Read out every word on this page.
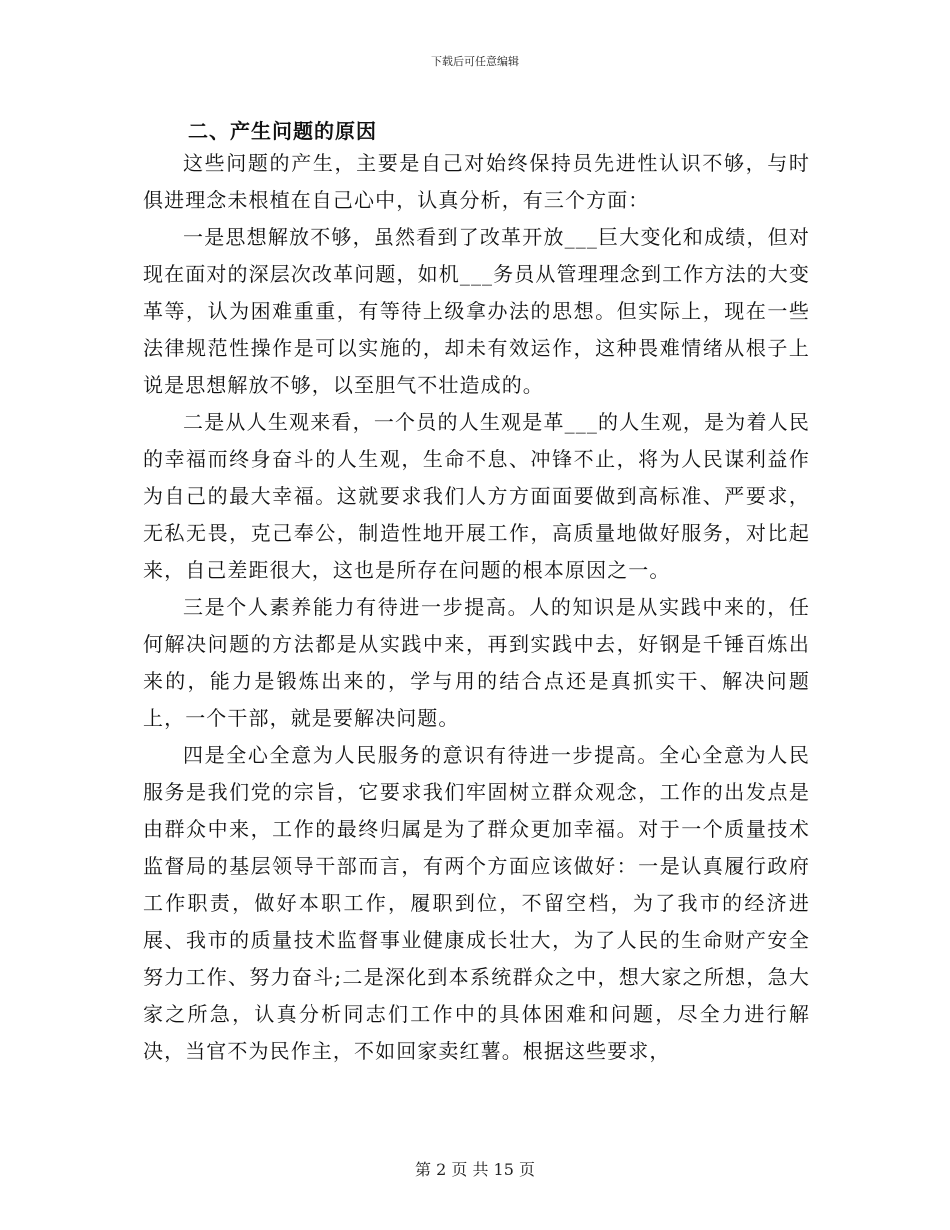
下载后可任意编辑
二、产生问题的原因

这些问题的产生，主要是自己对始终保持员先进性认识不够，与时俱进理念未根植在自己心中，认真分析，有三个方面：

一是思想解放不够，虽然看到了改革开放___巨大变化和成绩，但对现在面对的深层次改革问题，如机___务员从管理理念到工作方法的大变革等，认为困难重重，有等待上级拿办法的思想。但实际上，现在一些法律规范性操作是可以实施的，却未有效运作，这种畏难情绪从根子上说是思想解放不够，以至胆气不壮造成的。

二是从人生观来看，一个员的人生观是革___的人生观，是为着人民的幸福而终身奋斗的人生观，生命不息、冲锋不止，将为人民谋利益作为自己的最大幸福。这就要求我们人方方面面要做到高标准、严要求，无私无畏，克己奉公，制造性地开展工作，高质量地做好服务，对比起来，自己差距很大，这也是所存在问题的根本原因之一。

三是个人素养能力有待进一步提高。人的知识是从实践中来的，任何解决问题的方法都是从实践中来，再到实践中去，好钢是千锤百炼出来的，能力是锻炼出来的，学与用的结合点还是真抓实干、解决问题上，一个干部，就是要解决问题。

四是全心全意为人民服务的意识有待进一步提高。全心全意为人民服务是我们党的宗旨，它要求我们牢固树立群众观念，工作的出发点是由群众中来，工作的最终归属是为了群众更加幸福。对于一个质量技术监督局的基层领导干部而言，有两个方面应该做好：一是认真履行政府工作职责，做好本职工作，履职到位，不留空档，为了我市的经济进展、我市的质量技术监督事业健康成长壮大，为了人民的生命财产安全努力工作、努力奋斗;二是深化到本系统群众之中，想大家之所想，急大家之所急，认真分析同志们工作中的具体困难和问题，尽全力进行解决，当官不为民作主，不如回家卖红薯。根据这些要求，

第 2 页 共 15 页
